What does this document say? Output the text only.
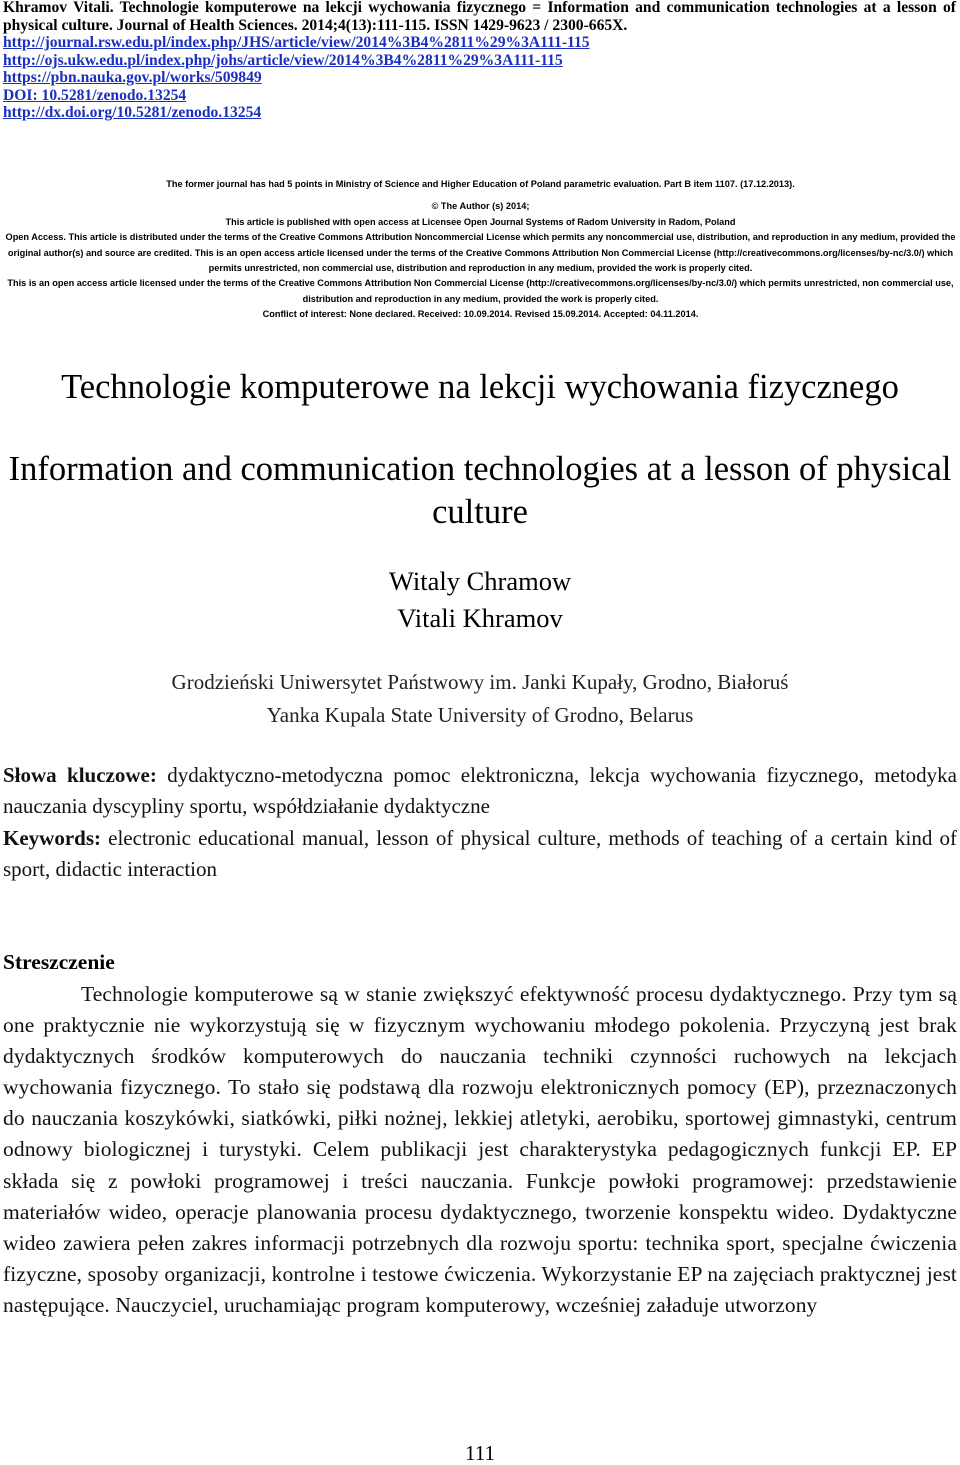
Khramov Vitali. Technologie komputerowe na lekcji wychowania fizycznego = Information and communication technologies at a lesson of physical culture. Journal of Health Sciences. 2014;4(13):111-115. ISSN 1429-9623 / 2300-665X.
http://journal.rsw.edu.pl/index.php/JHS/article/view/2014%3B4%2811%29%3A111-115
http://ojs.ukw.edu.pl/index.php/johs/article/view/2014%3B4%2811%29%3A111-115
https://pbn.nauka.gov.pl/works/509849
DOI: 10.5281/zenodo.13254
http://dx.doi.org/10.5281/zenodo.13254
The former journal has had 5 points in Ministry of Science and Higher Education of Poland parametric evaluation. Part B item 1107. (17.12.2013).
© The Author (s) 2014;
This article is published with open access at Licensee Open Journal Systems of Radom University in Radom, Poland
Open Access. This article is distributed under the terms of the Creative Commons Attribution Noncommercial License which permits any noncommercial use, distribution, and reproduction in any medium, provided the original author(s) and source are credited. This is an open access article licensed under the terms of the Creative Commons Attribution Non Commercial License (http://creativecommons.org/licenses/by-nc/3.0/) which permits unrestricted, non commercial use, distribution and reproduction in any medium, provided the work is properly cited.
This is an open access article licensed under the terms of the Creative Commons Attribution Non Commercial License (http://creativecommons.org/licenses/by-nc/3.0/) which permits unrestricted, non commercial use, distribution and reproduction in any medium, provided the work is properly cited.
Conflict of interest: None declared. Received: 10.09.2014. Revised 15.09.2014. Accepted: 04.11.2014.
Technologie komputerowe na lekcji wychowania fizycznego
Information and communication technologies at a lesson of physical culture
Witaly Chramow
Vitali Khramov
Grodzieński Uniwersytet Państwowy im. Janki Kupały, Grodno, Białoruś
Yanka Kupala State University of Grodno, Belarus
Słowa kluczowe: dydaktyczno-metodyczna pomoc elektroniczna, lekcja wychowania fizycznego, metodyka nauczania dyscypliny sportu, współdziałanie dydaktyczne
Keywords: electronic educational manual, lesson of physical culture, methods of teaching of a certain kind of sport, didactic interaction
Streszczenie
Technologie komputerowe są w stanie zwiększyć efektywność procesu dydaktycznego. Przy tym są one praktycznie nie wykorzystują się w fizycznym wychowaniu młodego pokolenia. Przyczyną jest brak dydaktycznych środków komputerowych do nauczania techniki czynności ruchowych na lekcjach wychowania fizycznego. To stało się podstawą dla rozwoju elektronicznych pomocy (EP), przeznaczonych do nauczania koszykówki, siatkówki, piłki nożnej, lekkiej atletyki, aerobiku, sportowej gimnastyki, centrum odnowy biologicznej i turystyki. Celem publikacji jest charakterystyka pedagogicznych funkcji EP. EP składa się z powłoki programowej i treści nauczania. Funkcje powłoki programowej: przedstawienie materiałów wideo, operacje planowania procesu dydaktycznego, tworzenie konspektu wideo. Dydaktyczne wideo zawiera pełen zakres informacji potrzebnych dla rozwoju sportu: technika sport, specjalne ćwiczenia fizyczne, sposoby organizacji, kontrolne i testowe ćwiczenia. Wykorzystanie EP na zajęciach praktycznej jest następujące. Nauczyciel, uruchamiając program komputerowy, wcześniej załaduje utworzony
111
